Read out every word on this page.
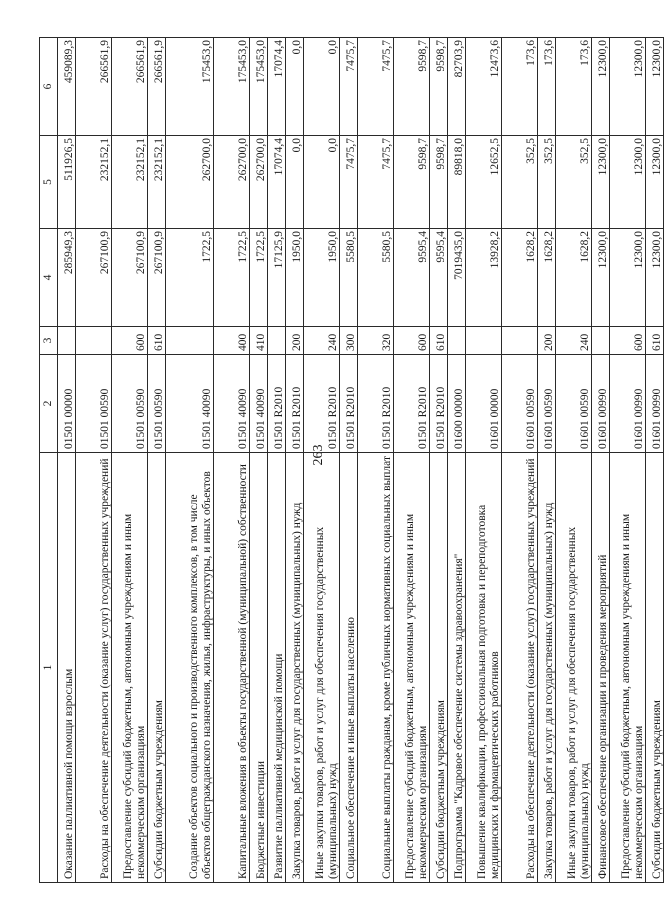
263
1	2	3	4	5	6
Оказание паллиативной помощи взрослым	01501 00000		285949,3	511926,5	459089,3
Расходы на обеспечение деятельности (оказание услуг) государственных учреждений	01501 00590		267100,9	232152,1	266561,9
Предоставление субсидий бюджетным, автономным учреждениям и иным некоммерческим организациям	01501 00590	600	267100,9	232152,1	266561,9
Субсидии бюджетным учреждениям	01501 00590	610	267100,9	232152,1	266561,9
Создание объектов социального и производственного комплексов, в том числе объектов общегражданского назначения, жилья, инфраструктуры, и иных объектов	01501 40090		1722,5	262700,0	175453,0
Капитальные вложения в объекты государственной (муниципальной) собственности	01501 40090	400	1722,5	262700,0	175453,0
Бюджетные инвестиции	01501 40090	410	1722,5	262700,0	175453,0
Развитие паллиативной медицинской помощи	01501 R2010		17125,9	17074,4	17074,4
Закупка товаров, работ и услуг для государственных (муниципальных) нужд	01501 R2010	200	1950,0	0,0	0,0
Иные закупки товаров, работ и услуг для обеспечения государственных (муниципальных) нужд	01501 R2010	240	1950,0	0,0	0,0
Социальное обеспечение и иные выплаты населению	01501 R2010	300	5580,5	7475,7	7475,7
Социальные выплаты гражданам, кроме публичных нормативных социальных выплат	01501 R2010	320	5580,5	7475,7	7475,7
Предоставление субсидий бюджетным, автономным учреждениям и иным некоммерческим организациям	01501 R2010	600	9595,4	9598,7	9598,7
Субсидии бюджетным учреждениям	01501 R2010	610	9595,4	9598,7	9598,7
Подпрограмма "Кадровое обеспечение системы здравоохранения"	01600 00000		7019435,0	89818,0	82703,9
Повышение квалификации, профессиональная подготовка и переподготовка медицинских и фармацевтических работников	01601 00000		13928,2	12652,5	12473,6
Расходы на обеспечение деятельности (оказание услуг) государственных учреждений	01601 00590		1628,2	352,5	173,6
Закупка товаров, работ и услуг для государственных (муниципальных) нужд	01601 00590	200	1628,2	352,5	173,6
Иные закупки товаров, работ и услуг для обеспечения государственных (муниципальных) нужд	01601 00590	240	1628,2	352,5	173,6
Финансовое обеспечение организации и проведения мероприятий	01601 00990		12300,0	12300,0	12300,0
Предоставление субсидий бюджетным, автономным учреждениям и иным некоммерческим организациям	01601 00990	600	12300,0	12300,0	12300,0
Субсидии бюджетным учреждениям	01601 00990	610	12300,0	12300,0	12300,0
